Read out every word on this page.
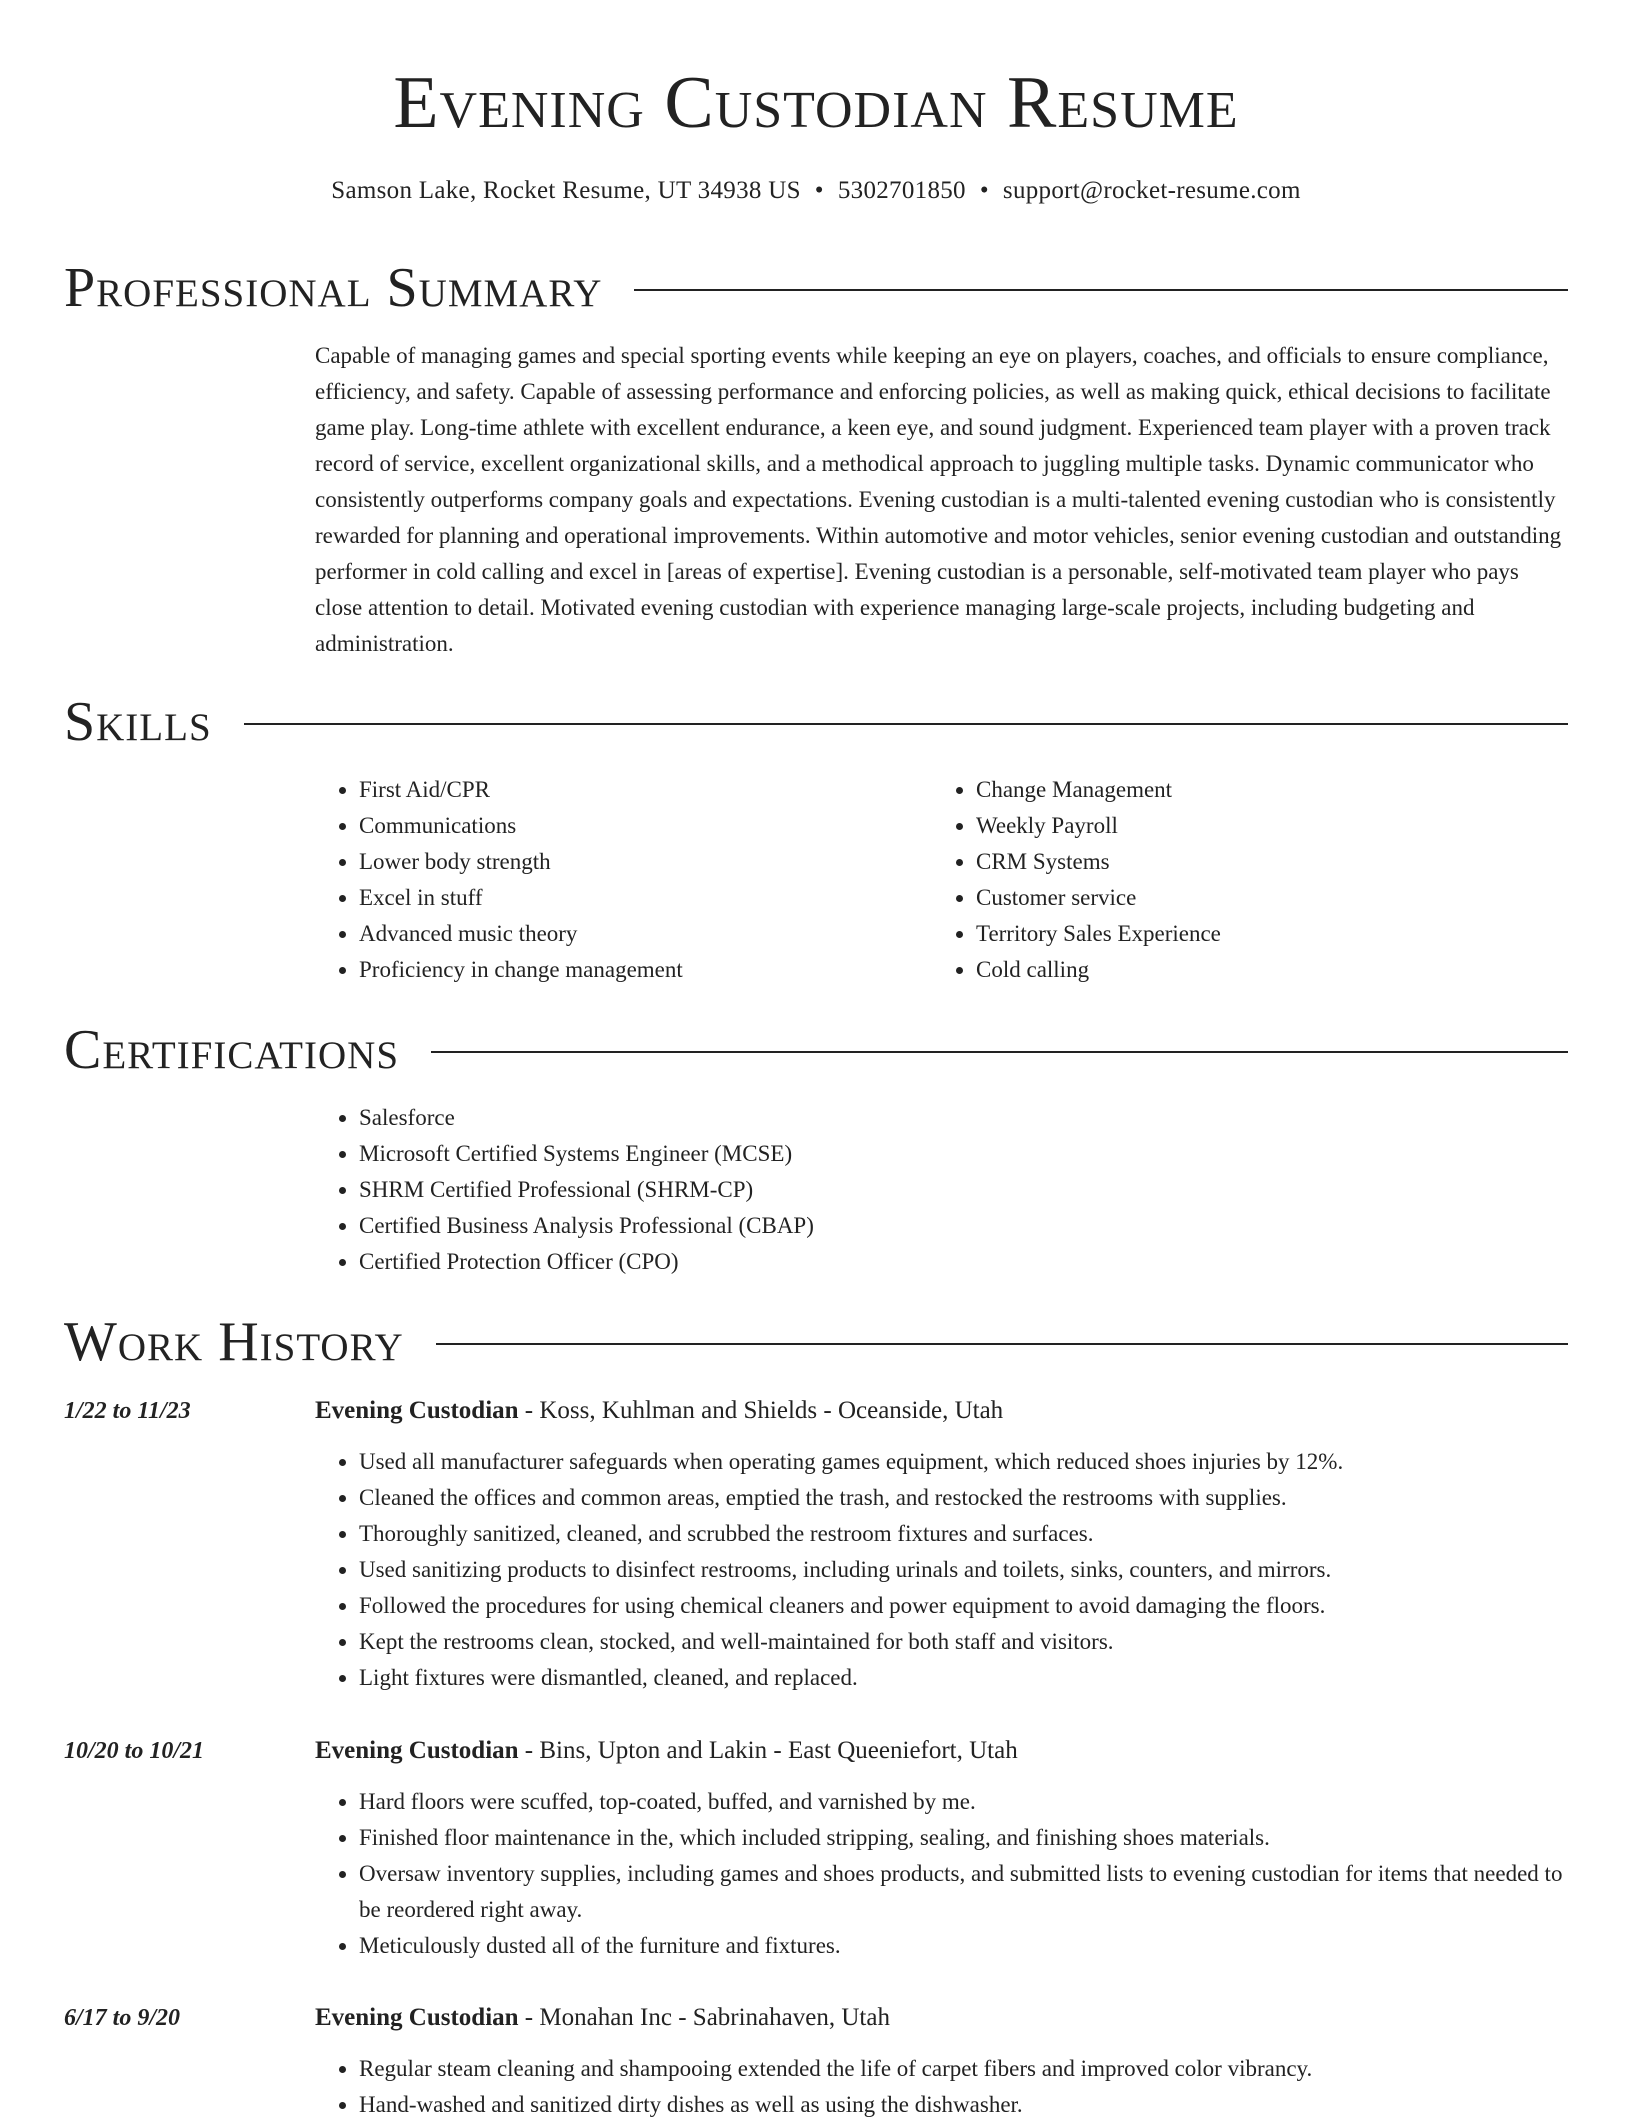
Evening Custodian Resume
Samson Lake, Rocket Resume, UT 34938 US • 5302701850 • support@rocket-resume.com
Professional Summary

Capable of managing games and special sporting events while keeping an eye on players, coaches, and officials to ensure compliance, efficiency, and safety. Capable of assessing performance and enforcing policies, as well as making quick, ethical decisions to facilitate game play. Long-time athlete with excellent endurance, a keen eye, and sound judgment. Experienced team player with a proven track record of service, excellent organizational skills, and a methodical approach to juggling multiple tasks. Dynamic communicator who consistently outperforms company goals and expectations. Evening custodian is a multi-talented evening custodian who is consistently rewarded for planning and operational improvements. Within automotive and motor vehicles, senior evening custodian and outstanding performer in cold calling and excel in [areas of expertise]. Evening custodian is a personable, self-motivated team player who pays close attention to detail. Motivated evening custodian with experience managing large-scale projects, including budgeting and administration.

Skills
• First Aid/CPR
• Communications
• Lower body strength
• Excel in stuff
• Advanced music theory
• Proficiency in change management
• Change Management
• Weekly Payroll
• CRM Systems
• Customer service
• Territory Sales Experience
• Cold calling
Certifications
• Salesforce
• Microsoft Certified Systems Engineer (MCSE)
• SHRM Certified Professional (SHRM-CP)
• Certified Business Analysis Professional (CBAP)
• Certified Protection Officer (CPO)
Work History
1/22 to 11/23	Evening Custodian - Koss, Kuhlman and Shields - Oceanside, Utah
• Used all manufacturer safeguards when operating games equipment, which reduced shoes injuries by 12%.
• Cleaned the offices and common areas, emptied the trash, and restocked the restrooms with supplies.
• Thoroughly sanitized, cleaned, and scrubbed the restroom fixtures and surfaces.
• Used sanitizing products to disinfect restrooms, including urinals and toilets, sinks, counters, and mirrors.
• Followed the procedures for using chemical cleaners and power equipment to avoid damaging the floors.
• Kept the restrooms clean, stocked, and well-maintained for both staff and visitors.
• Light fixtures were dismantled, cleaned, and replaced.
10/20 to 10/21	Evening Custodian - Bins, Upton and Lakin - East Queeniefort, Utah
• Hard floors were scuffed, top-coated, buffed, and varnished by me.
• Finished floor maintenance in the, which included stripping, sealing, and finishing shoes materials.
• Oversaw inventory supplies, including games and shoes products, and submitted lists to evening custodian for items that needed to be reordered right away.
• Meticulously dusted all of the furniture and fixtures.
6/17 to 9/20	Evening Custodian - Monahan Inc - Sabrinahaven, Utah
• Regular steam cleaning and shampooing extended the life of carpet fibers and improved color vibrancy.
• Hand-washed and sanitized dirty dishes as well as using the dishwasher.
